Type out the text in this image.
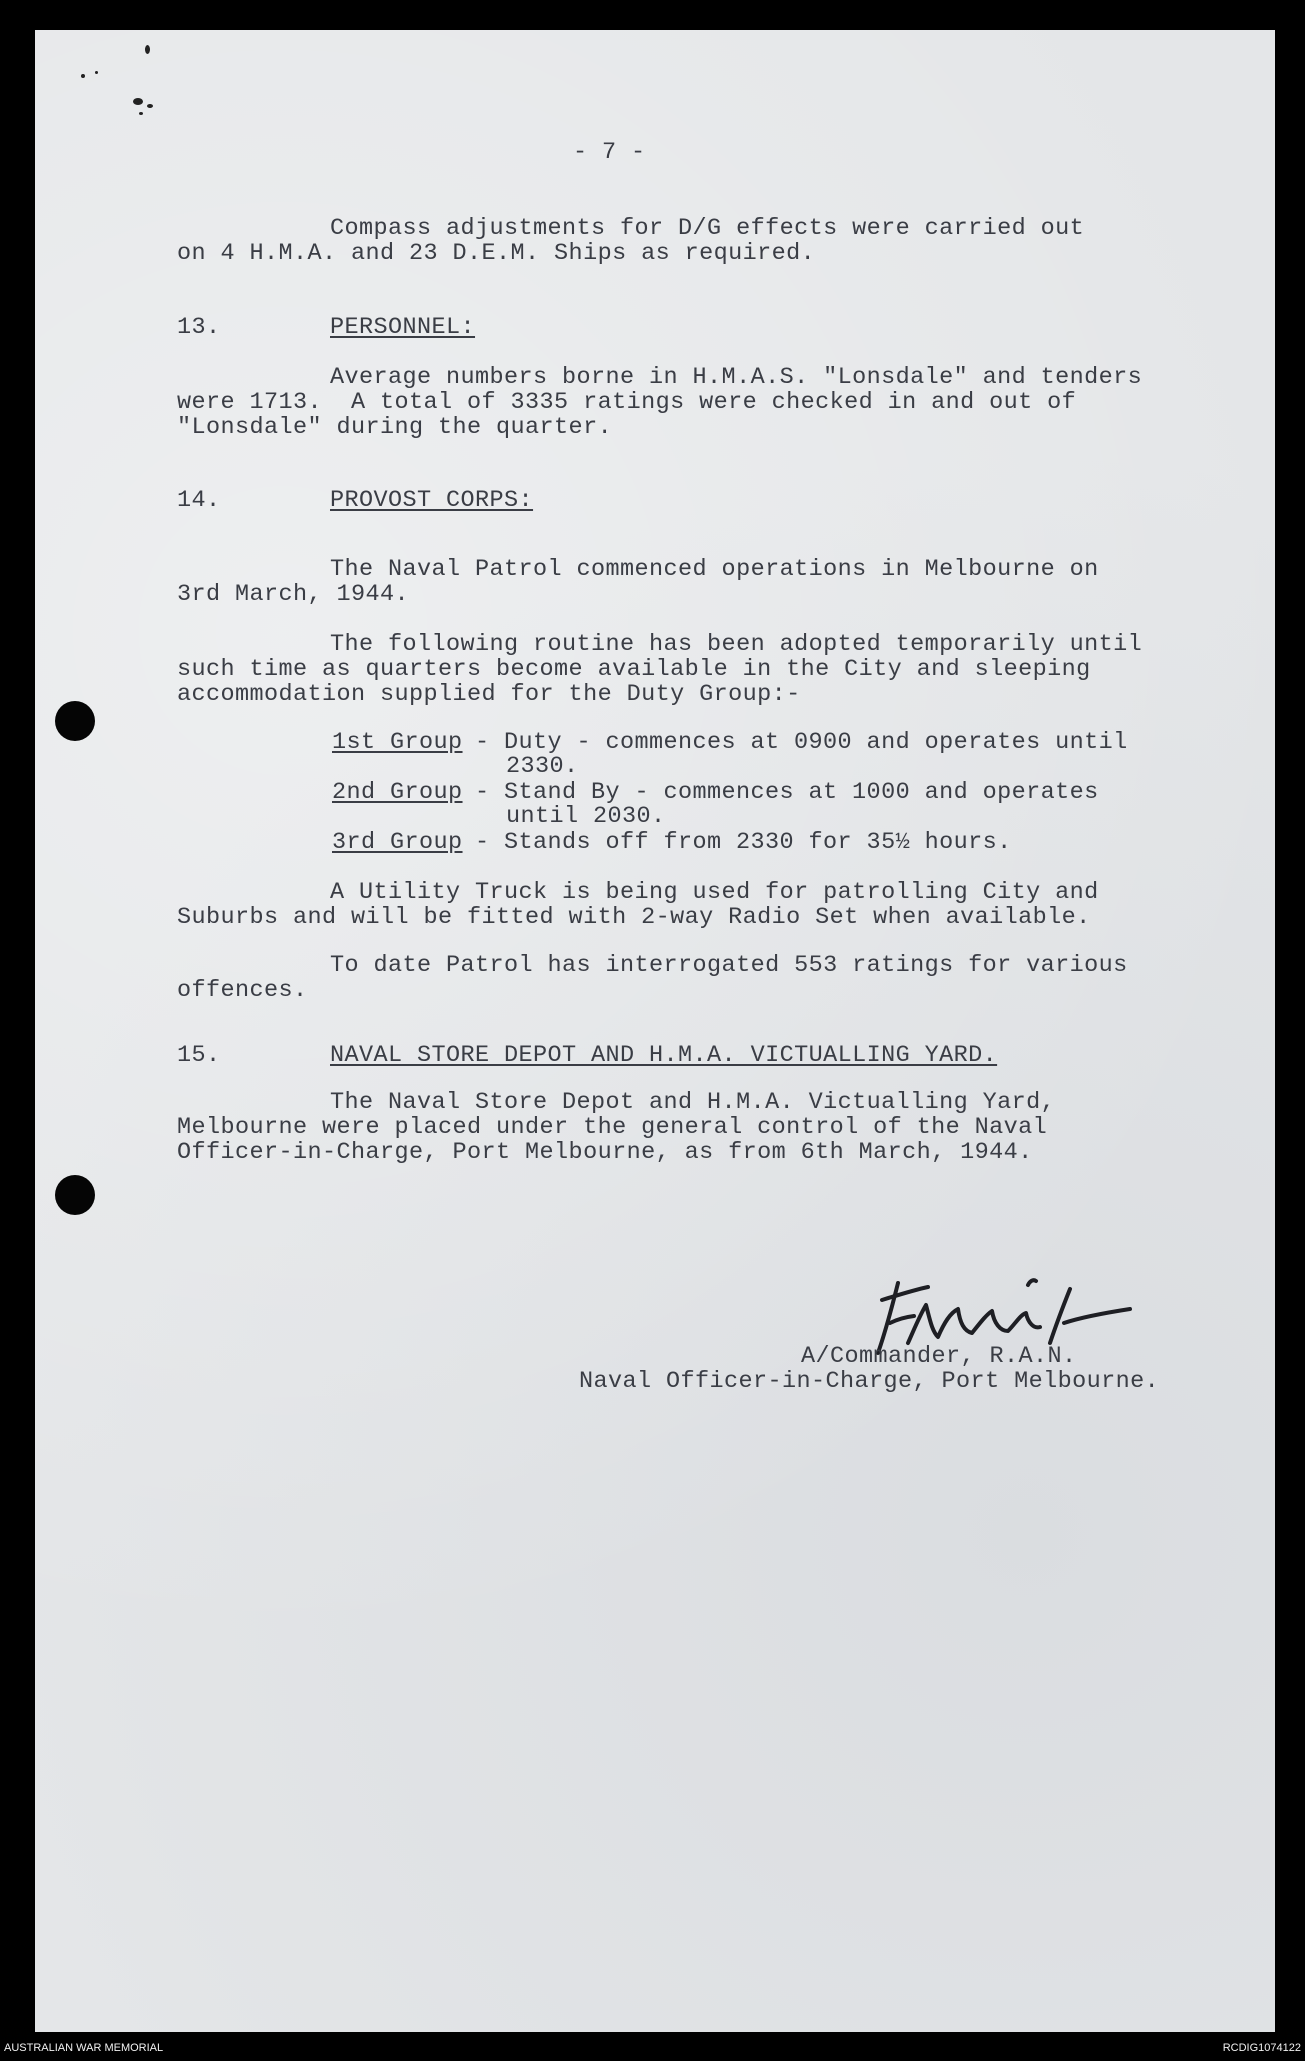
- 7 -

Compass adjustments for D/G effects were carried out

on 4 H.M.A. and 23 D.E.M. Ships as required.

13.	PERSONNEL:

Average numbers borne in H.M.A.S. "Lonsdale" and tenders

were 1713.  A total of 3335 ratings were checked in and out of

"Lonsdale" during the quarter.

14.	PROVOST CORPS:

The Naval Patrol commenced operations in Melbourne on

3rd March, 1944.

The following routine has been adopted temporarily until

such time as quarters become available in the City and sleeping

accommodation supplied for the Duty Group:-

1st Group - Duty - commences at 0900 and operates until

2330.

2nd Group - Stand By - commences at 1000 and operates

until 2030.

3rd Group - Stands off from 2330 for 35½ hours.

A Utility Truck is being used for patrolling City and

Suburbs and will be fitted with 2-way Radio Set when available.

To date Patrol has interrogated 553 ratings for various

offences.

15.	NAVAL STORE DEPOT AND H.M.A. VICTUALLING YARD.

The Naval Store Depot and H.M.A. Victualling Yard,

Melbourne were placed under the general control of the Naval

Officer-in-Charge, Port Melbourne, as from 6th March, 1944.

A/Commander, R.A.N.

Naval Officer-in-Charge, Port Melbourne.

AUSTRALIAN WAR MEMORIAL	RCDIG1074122
